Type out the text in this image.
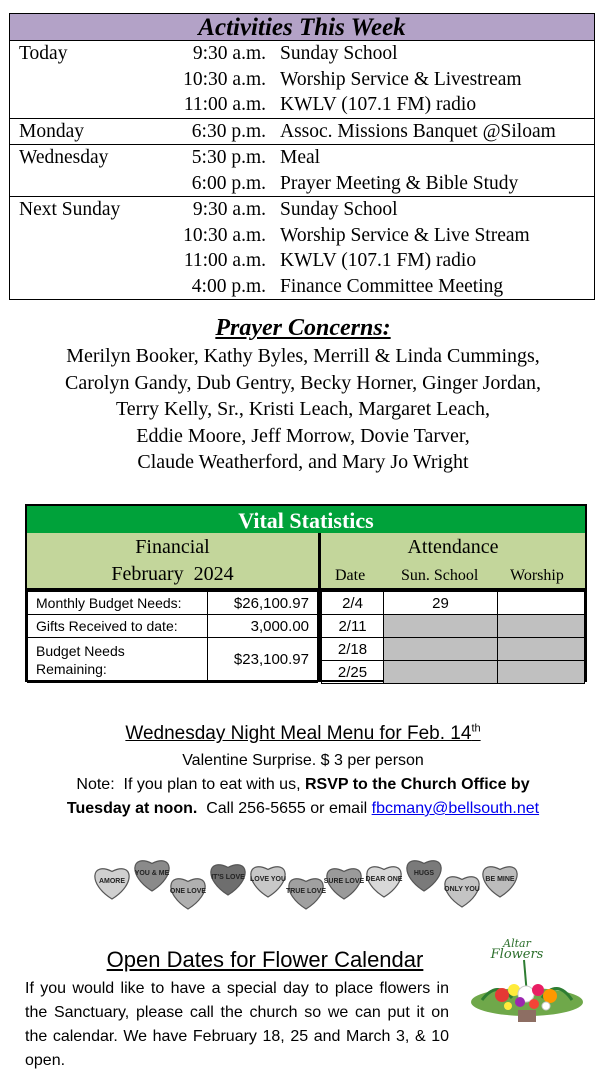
Activities This Week
Today	9:30 a.m.	Sunday School
	10:30 a.m.	Worship Service & Livestream
	11:00 a.m.	KWLV (107.1 FM) radio
Monday	6:30 p.m.	Assoc. Missions Banquet @Siloam
Wednesday	5:30 p.m.	Meal
	6:00 p.m.	Prayer Meeting & Bible Study
Next Sunday	9:30 a.m.	Sunday School
	10:30 a.m.	Worship Service & Live Stream
	11:00 a.m.	KWLV (107.1 FM) radio
	4:00 p.m.	Finance Committee Meeting
Prayer Concerns:
Merilyn Booker, Kathy Byles, Merrill & Linda Cummings,
Carolyn Gandy, Dub Gentry, Becky Horner, Ginger Jordan,
Terry Kelly, Sr., Kristi Leach, Margaret Leach,
Eddie Moore, Jeff Morrow, Dovie Tarver,
Claude Weatherford, and Mary Jo Wright
Vital Statistics
Financial
February  2024
Attendance
Date Sun. School Worship
Monthly Budget Needs:	$26,100.97
Gifts Received to date:	3,000.00
Budget Needs Remaining:	$23,100.97
2/4	29	
2/11		
2/18		
2/25		
Wednesday Night Meal Menu for Feb. 14th
Valentine Surprise. $ 3 per person
Note:  If you plan to eat with us, RSVP to the Church Office by
Tuesday at noon.  Call 256-5655 or email fbcmany@bellsouth.net
AMORE
YOU & ME
ONE LOVE
IT'S LOVE LOVE YOU
TRUE LOVE
SURE LOVE DEAR ONE
HUGS
ONLY YOU
BE MINE
Open Dates for Flower Calendar
If you would like to have a special day to place flowers in the Sanctuary, please call the church so we can put it on the calendar. We have February 18, 25 and March 3, & 10 open.
Altar
Flowers
